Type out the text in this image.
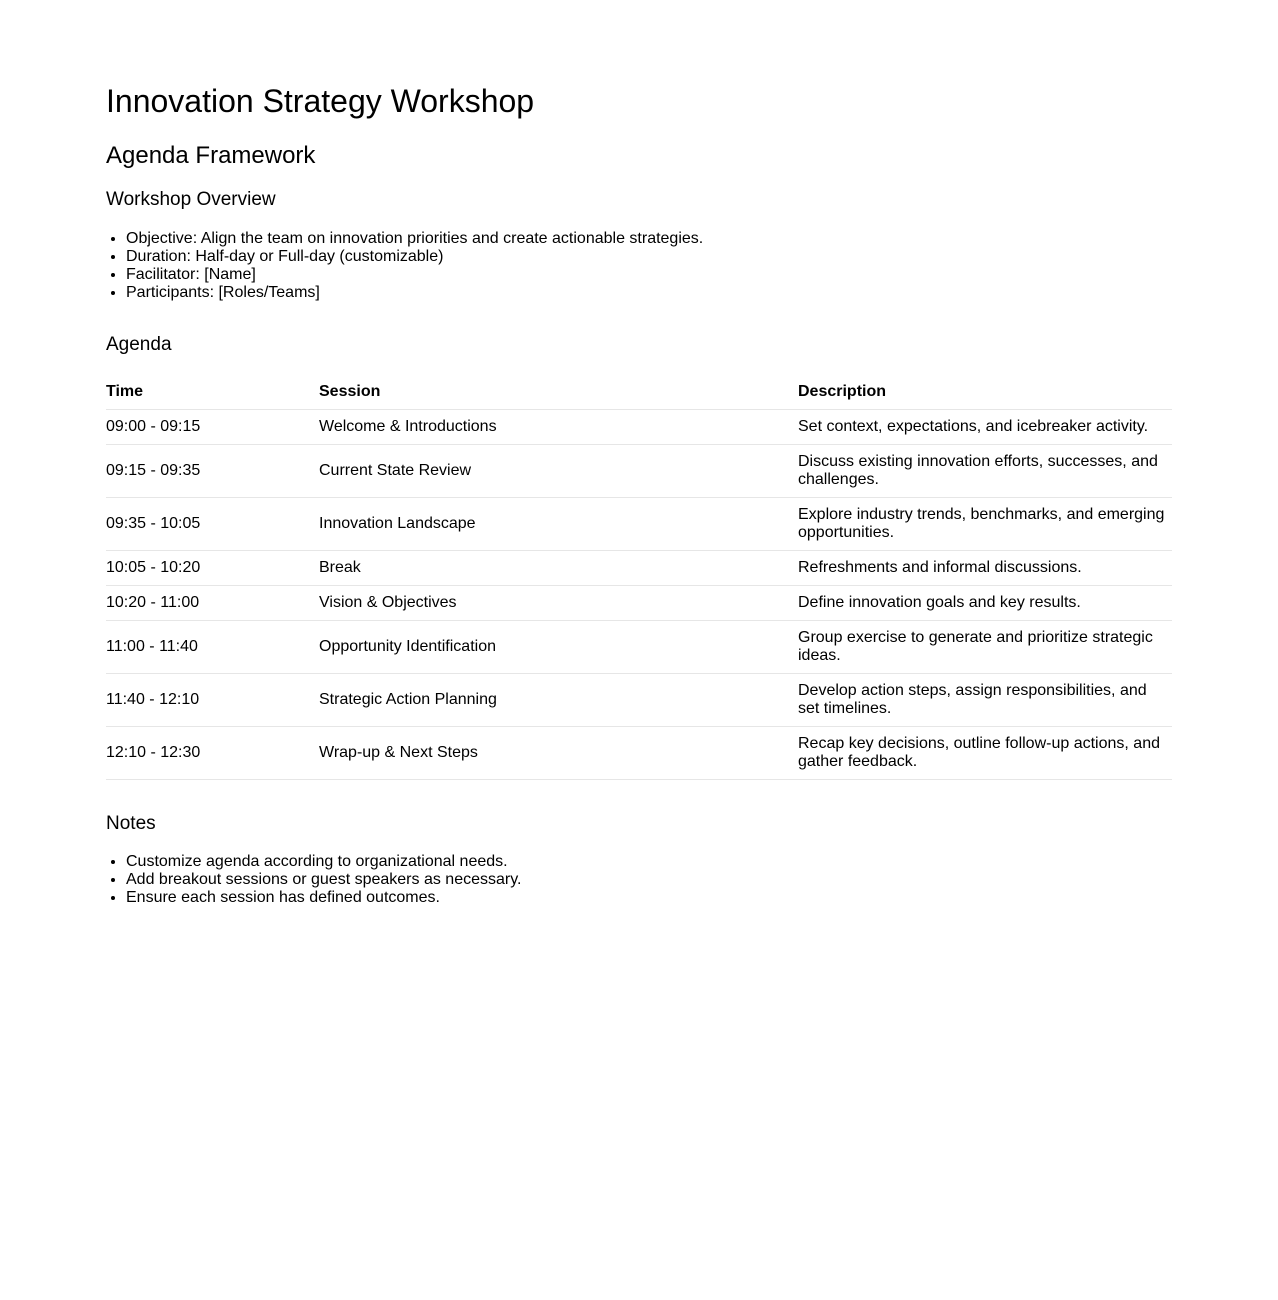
Innovation Strategy Workshop
Agenda Framework
Workshop Overview
• Objective: Align the team on innovation priorities and create actionable strategies.
• Duration: Half-day or Full-day (customizable)
• Facilitator: [Name]
• Participants: [Roles/Teams]
Agenda
Time	Session	Description
09:00 - 09:15	Welcome & Introductions	Set context, expectations, and icebreaker activity.
09:15 - 09:35	Current State Review	Discuss existing innovation efforts, successes, and challenges.
09:35 - 10:05	Innovation Landscape	Explore industry trends, benchmarks, and emerging opportunities.
10:05 - 10:20	Break	Refreshments and informal discussions.
10:20 - 11:00	Vision & Objectives	Define innovation goals and key results.
11:00 - 11:40	Opportunity Identification	Group exercise to generate and prioritize strategic ideas.
11:40 - 12:10	Strategic Action Planning	Develop action steps, assign responsibilities, and set timelines.
12:10 - 12:30	Wrap-up & Next Steps	Recap key decisions, outline follow-up actions, and gather feedback.
Notes
• Customize agenda according to organizational needs.
• Add breakout sessions or guest speakers as necessary.
• Ensure each session has defined outcomes.
